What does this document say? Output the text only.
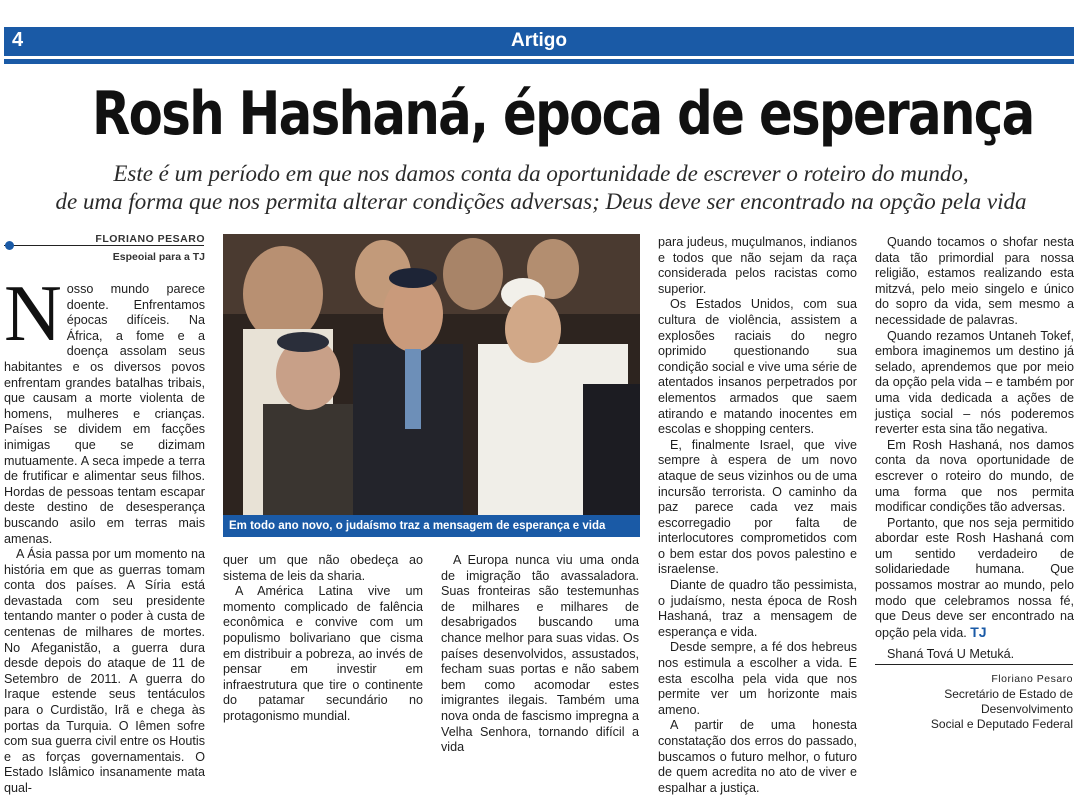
4	Artigo
Rosh Hashaná, época de esperança
Este é um período em que nos damos conta da oportunidade de escrever o roteiro do mundo,
de uma forma que nos permita alterar condições adversas; Deus deve ser encontrado na opção pela vida
FLORIANO PESARO
Espeoial para a TJ
N osso mundo parece doente. Enfrentamos épocas difíceis. Na África, a fome e a doença assolam seus habitantes e os diversos povos enfrentam grandes batalhas tribais, que causam a morte violenta de homens, mulheres e crianças. Países se dividem em facções inimigas que se dizimam mutuamente. A seca impede a terra de frutificar e alimentar seus filhos. Hordas de pessoas tentam escapar deste destino de desesperança buscando asilo em terras mais amenas.

A Ásia passa por um momento na história em que as guerras tomam conta dos países. A Síria está devastada com seu presidente tentando manter o poder à custa de centenas de milhares de mortes. No Afeganistão, a guerra dura desde depois do ataque de 11 de Setembro de 2011. A guerra do Iraque estende seus tentáculos para o Curdistão, Irã e chega às portas da Turquia. O Iêmen sofre com sua guerra civil entre os Houtis e as forças governamentais. O Estado Islâmico insanamente mata qual-

Em todo ano novo, o judaísmo traz a mensagem de esperança e vida

quer um que não obedeça ao sistema de leis da sharia.

A América Latina vive um momento complicado de falência econômica e convive com um populismo bolivariano que cisma em distribuir a pobreza, ao invés de pensar em investir em infraestrutura que tire o continente do patamar secundário no protagonismo mundial.

A Europa nunca viu uma onda de imigração tão avassaladora. Suas fronteiras são testemunhas de milhares e milhares de desabrigados buscando uma chance melhor para suas vidas. Os países desenvolvidos, assustados, fecham suas portas e não sabem bem como acomodar estes imigrantes ilegais. Também uma nova onda de fascismo impregna a Velha Senhora, tornando difícil a vida

para judeus, muçulmanos, indianos e todos que não sejam da raça considerada pelos racistas como superior.

Os Estados Unidos, com sua cultura de violência, assistem a explosões raciais do negro oprimido questionando sua condição social e vive uma série de atentados insanos perpetrados por elementos armados que saem atirando e matando inocentes em escolas e shopping centers.

E, finalmente Israel, que vive sempre à espera de um novo ataque de seus vizinhos ou de uma incursão terrorista. O caminho da paz parece cada vez mais escorregadio por falta de interlocutores comprometidos com o bem estar dos povos palestino e israelense.

Diante de quadro tão pessimista, o judaísmo, nesta época de Rosh Hashaná, traz a mensagem de esperança e vida.

Desde sempre, a fé dos hebreus nos estimula a escolher a vida. E esta escolha pela vida que nos permite ver um horizonte mais ameno.

A partir de uma honesta constatação dos erros do passado, buscamos o futuro melhor, o futuro de quem acredita no ato de viver e espalhar a justiça.

Quando tocamos o shofar nesta data tão primordial para nossa religião, estamos realizando esta mitzvá, pelo meio singelo e único do sopro da vida, sem mesmo a necessidade de palavras.

Quando rezamos Untaneh Tokef, embora imaginemos um destino já selado, aprendemos que por meio da opção pela vida – e também por uma vida dedicada a ações de justiça social – nós poderemos reverter esta sina tão negativa.

Em Rosh Hashaná, nos damos conta da nova oportunidade de escrever o roteiro do mundo, de uma forma que nos permita modificar condições tão adversas.

Portanto, que nos seja permitido abordar este Rosh Hashaná com um sentido verdadeiro de solidariedade humana. Que possamos mostrar ao mundo, pelo modo que celebramos nossa fé, que Deus deve ser encontrado na opção pela vida. TJ

Shaná Tová U Metuká.

Floriano Pesaro
Secretário de Estado de Desenvolvimento
Social e Deputado Federal
